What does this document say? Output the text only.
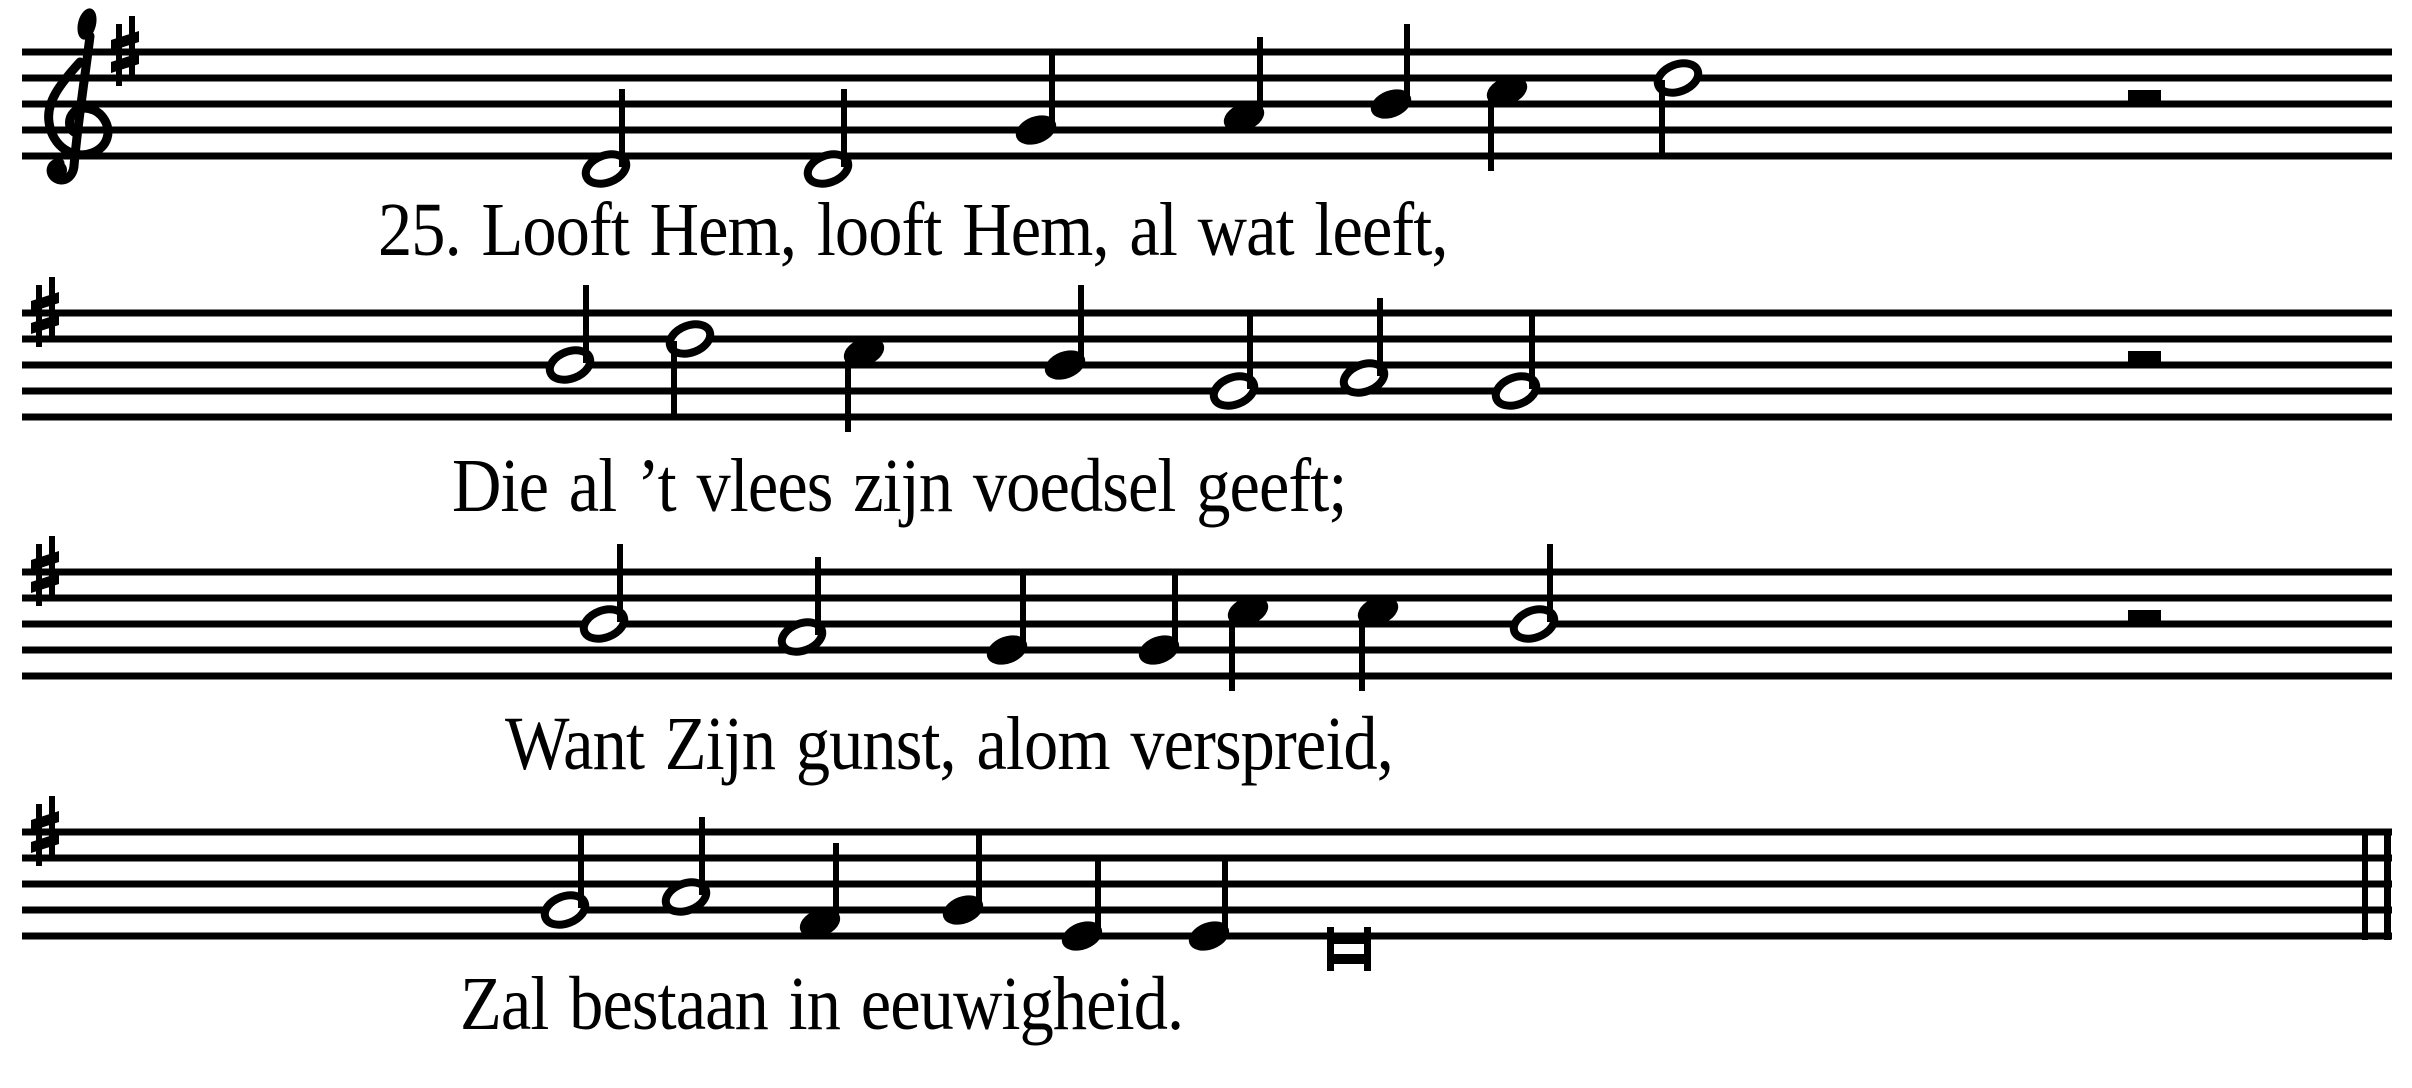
25. Looft Hem, looft Hem, al wat leeft,
Die al ’t vlees zijn voedsel geeft;
Want Zijn gunst, alom verspreid,
Zal bestaan in eeuwigheid.
